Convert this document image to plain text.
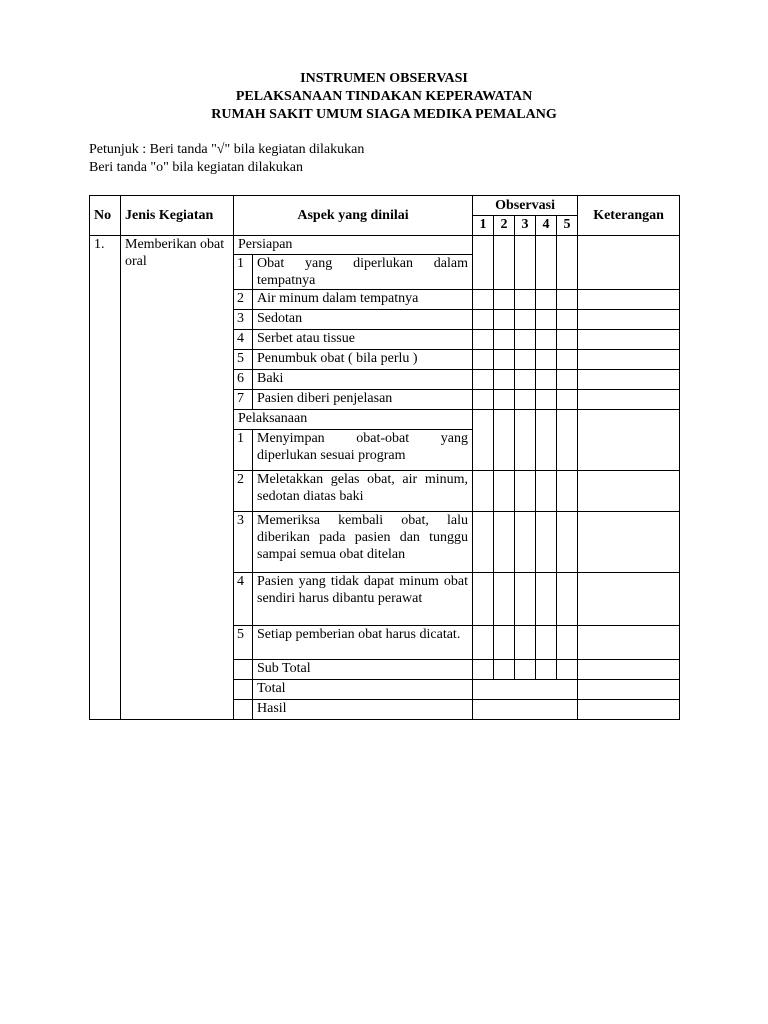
INSTRUMEN OBSERVASI
PELAKSANAAN TINDAKAN KEPERAWATAN
RUMAH SAKIT UMUM SIAGA MEDIKA PEMALANG
Petunjuk : Beri tanda "√" bila kegiatan dilakukan
Beri tanda "o" bila kegiatan dilakukan
No	Jenis Kegiatan	Aspek yang dinilai		Observasi					Keterangan
				1	2	3	4	5	
1.	Memberikan obat oral	Persiapan							
		1	Obat yang diperlukan dalam tempatnya						
		2	Air minum dalam tempatnya						
		3	Sedotan						
		4	Serbet atau tissue						
		5	Penumbuk obat ( bila perlu )						
		6	Baki						
		7	Pasien diberi penjelasan						
		Pelaksanaan							
		1	Menyimpan obat-obat yang diperlukan sesuai program						
		2	Meletakkan gelas obat, air minum, sedotan diatas baki						
		3	Memeriksa kembali obat, lalu diberikan pada pasien dan tunggu sampai semua obat ditelan						
		4	Pasien yang tidak dapat minum obat sendiri harus dibantu perawat						
		5	Setiap pemberian obat harus dicatat.						
			Sub Total						
			Total						
			Hasil						
